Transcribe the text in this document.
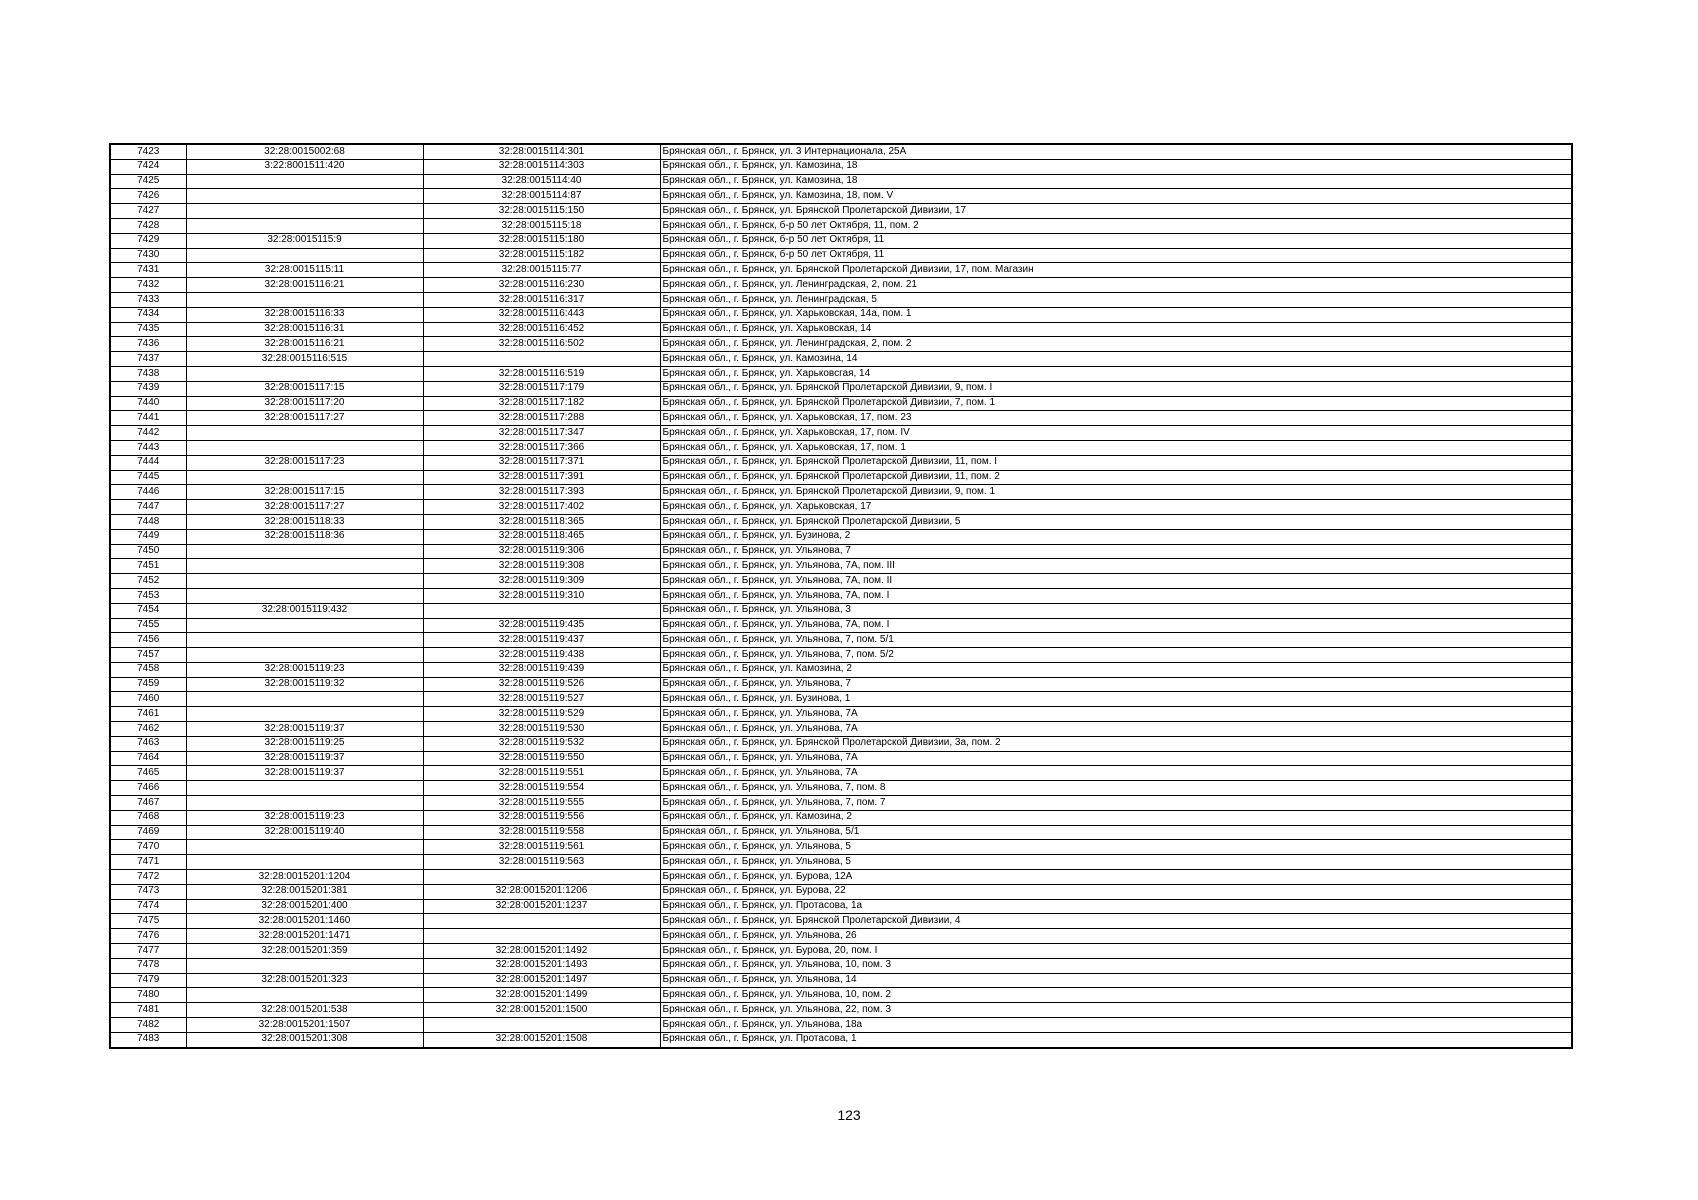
7423	32:28:0015002:68	32:28:0015114:301	Брянская обл., г. Брянск, ул. 3 Интернационала, 25А
7424	3:22:8001511:420	32:28:0015114:303	Брянская обл., г. Брянск, ул. Камозина, 18
7425		32:28:0015114:40	Брянская обл., г. Брянск, ул. Камозина, 18
7426		32:28:0015114:87	Брянская обл., г. Брянск, ул. Камозина, 18, пом. V
7427		32:28:0015115:150	Брянская обл., г. Брянск, ул. Брянской Пролетарской Дивизии, 17
7428		32:28:0015115:18	Брянская обл., г. Брянск, б-р 50 лет Октября, 11, пом. 2
7429	32:28:0015115:9	32:28:0015115:180	Брянская обл., г. Брянск, б-р 50 лет Октября, 11
7430		32:28:0015115:182	Брянская обл., г. Брянск, б-р 50 лет Октября, 11
7431	32:28:0015115:11	32:28:0015115:77	Брянская обл., г. Брянск, ул. Брянской Пролетарской Дивизии, 17, пом. Магазин
7432	32:28:0015116:21	32:28:0015116:230	Брянская обл., г. Брянск, ул. Ленинградская, 2, пом. 21
7433		32:28:0015116:317	Брянская обл., г. Брянск, ул. Ленинградская, 5
7434	32:28:0015116:33	32:28:0015116:443	Брянская обл., г. Брянск, ул. Харьковская, 14а, пом. 1
7435	32:28:0015116:31	32:28:0015116:452	Брянская обл., г. Брянск, ул. Харьковская, 14
7436	32:28:0015116:21	32:28:0015116:502	Брянская обл., г. Брянск, ул. Ленинградская, 2, пом. 2
7437	32:28:0015116:515		Брянская обл., г. Брянск, ул. Камозина, 14
7438		32:28:0015116:519	Брянская обл., г. Брянск, ул. Харьковсгая, 14
7439	32:28:0015117:15	32:28:0015117:179	Брянская обл., г. Брянск, ул. Брянской Пролетарской Дивизии, 9, пом. I
7440	32:28:0015117:20	32:28:0015117:182	Брянская обл., г. Брянск, ул. Брянской Пролетарской Дивизии, 7, пом. 1
7441	32:28:0015117:27	32:28:0015117:288	Брянская обл., г. Брянск, ул. Харьковская, 17, пом. 23
7442		32:28:0015117:347	Брянская обл., г. Брянск, ул. Харьковская, 17, пом. IV
7443		32:28:0015117:366	Брянская обл., г. Брянск, ул. Харьковская, 17, пом. 1
7444	32:28:0015117:23	32:28:0015117:371	Брянская обл., г. Брянск, ул. Брянской Пролетарской Дивизии, 11, пом. I
7445		32:28:0015117:391	Брянская обл., г. Брянск, ул. Брянской Пролетарской Дивизии, 11, пом. 2
7446	32:28:0015117:15	32:28:0015117:393	Брянская обл., г. Брянск, ул. Брянской Пролетарской Дивизии, 9, пом. 1
7447	32:28:0015117:27	32:28:0015117:402	Брянская обл., г. Брянск, ул. Харьковская, 17
7448	32:28:0015118:33	32:28:0015118:365	Брянская обл., г. Брянск, ул. Брянской Пролетарской Дивизии, 5
7449	32:28:0015118:36	32:28:0015118:465	Брянская обл., г. Брянск, ул. Бузинова, 2
7450		32:28:0015119:306	Брянская обл., г. Брянск, ул. Ульянова, 7
7451		32:28:0015119:308	Брянская обл., г. Брянск, ул. Ульянова, 7А, пом. III
7452		32:28:0015119:309	Брянская обл., г. Брянск, ул. Ульянова, 7А, пом. II
7453		32:28:0015119:310	Брянская обл., г. Брянск, ул. Ульянова, 7А, пом. I
7454	32:28:0015119:432		Брянская обл., г. Брянск, ул. Ульянова, 3
7455		32:28:0015119:435	Брянская обл., г. Брянск, ул. Ульянова, 7А, пом. I
7456		32:28:0015119:437	Брянская обл., г. Брянск, ул. Ульянова, 7, пом. 5/1
7457		32:28:0015119:438	Брянская обл., г. Брянск, ул. Ульянова, 7, пом. 5/2
7458	32:28:0015119:23	32:28:0015119:439	Брянская обл., г. Брянск, ул. Камозина, 2
7459	32:28:0015119:32	32:28:0015119:526	Брянская обл., г. Брянск, ул. Ульянова, 7
7460		32:28:0015119:527	Брянская обл., г. Брянск, ул. Бузинова, 1
7461		32:28:0015119:529	Брянская обл., г. Брянск, ул. Ульянова, 7А
7462	32:28:0015119:37	32:28:0015119:530	Брянская обл., г. Брянск, ул. Ульянова, 7А
7463	32:28:0015119:25	32:28:0015119:532	Брянская обл., г. Брянск, ул. Брянской Пролетарской Дивизии, 3а, пом. 2
7464	32:28:0015119:37	32:28:0015119:550	Брянская обл., г. Брянск, ул. Ульянова, 7А
7465	32:28:0015119:37	32:28:0015119:551	Брянская обл., г. Брянск, ул. Ульянова, 7А
7466		32:28:0015119:554	Брянская обл., г. Брянск, ул. Ульянова, 7, пом. 8
7467		32:28:0015119:555	Брянская обл., г. Брянск, ул. Ульянова, 7, пом. 7
7468	32:28:0015119:23	32:28:0015119:556	Брянская обл., г. Брянск, ул. Камозина, 2
7469	32:28:0015119:40	32:28:0015119:558	Брянская обл., г. Брянск, ул. Ульянова, 5/1
7470		32:28:0015119:561	Брянская обл., г. Брянск, ул. Ульянова, 5
7471		32:28:0015119:563	Брянская обл., г. Брянск, ул. Ульянова, 5
7472	32:28:0015201:1204		Брянская обл., г. Брянск, ул. Бурова, 12А
7473	32:28:0015201:381	32:28:0015201:1206	Брянская обл., г. Брянск, ул. Бурова, 22
7474	32:28:0015201:400	32:28:0015201:1237	Брянская обл., г. Брянск, ул. Протасова, 1а
7475	32:28:0015201:1460		Брянская обл., г. Брянск, ул. Брянской Пролетарской Дивизии, 4
7476	32:28:0015201:1471		Брянская обл., г. Брянск, ул. Ульянова, 26
7477	32:28:0015201:359	32:28:0015201:1492	Брянская обл., г. Брянск, ул. Бурова, 20, пом. I
7478		32:28:0015201:1493	Брянская обл., г. Брянск, ул. Ульянова, 10, пом. 3
7479	32:28:0015201:323	32:28:0015201:1497	Брянская обл., г. Брянск, ул. Ульянова, 14
7480		32:28:0015201:1499	Брянская обл., г. Брянск, ул. Ульянова, 10, пом. 2
7481	32:28:0015201:538	32:28:0015201:1500	Брянская обл., г. Брянск, ул. Ульянова, 22, пом. 3
7482	32:28:0015201:1507		Брянская обл., г. Брянск, ул. Ульянова, 18а
7483	32:28:0015201:308	32:28:0015201:1508	Брянская обл., г. Брянск, ул. Протасова, 1
123
